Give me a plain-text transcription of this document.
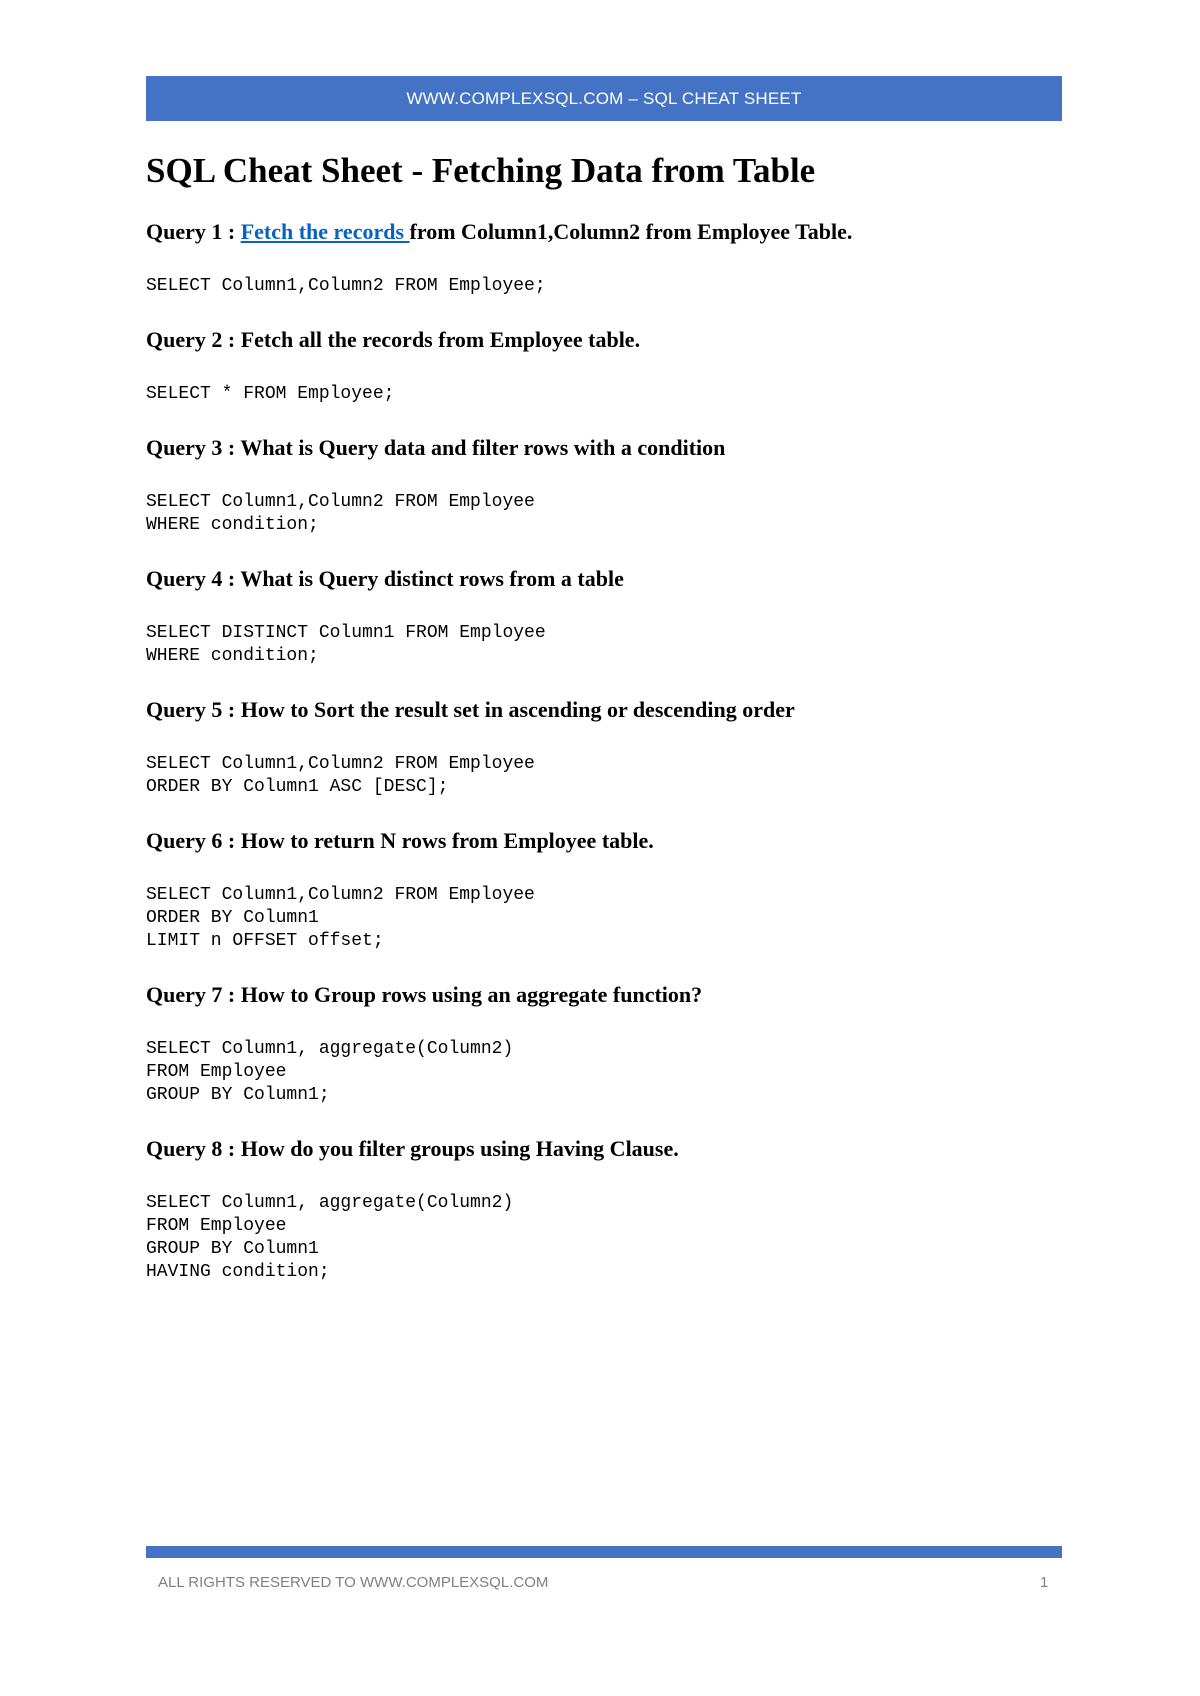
WWW.COMPLEXSQL.COM – SQL CHEAT SHEET
SQL Cheat Sheet - Fetching Data from Table

Query 1 : Fetch the records from Column1,Column2 from Employee Table.

SELECT Column1,Column2 FROM Employee;

Query 2 : Fetch all the records from Employee table.

SELECT * FROM Employee;

Query 3 : What is Query data and filter rows with a condition

SELECT Column1,Column2 FROM Employee
WHERE condition;

Query 4 : What is Query distinct rows from a table

SELECT DISTINCT Column1 FROM Employee
WHERE condition;

Query 5 : How to Sort the result set in ascending or descending order

SELECT Column1,Column2 FROM Employee
ORDER BY Column1 ASC [DESC];

Query 6 : How to return N rows from Employee table.

SELECT Column1,Column2 FROM Employee
ORDER BY Column1
LIMIT n OFFSET offset;

Query 7 : How to Group rows using an aggregate function?

SELECT Column1, aggregate(Column2)
FROM Employee
GROUP BY Column1;

Query 8 : How do you filter groups using Having Clause.

SELECT Column1, aggregate(Column2)
FROM Employee
GROUP BY Column1
HAVING condition;
ALL RIGHTS RESERVED TO WWW.COMPLEXSQL.COM	1
